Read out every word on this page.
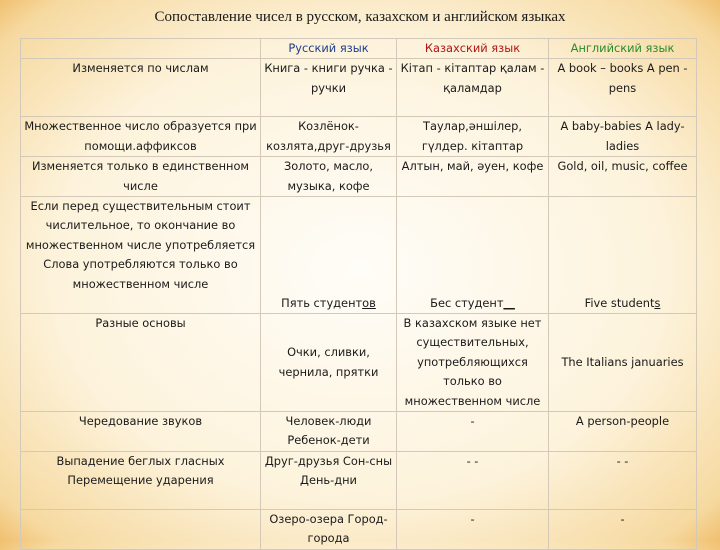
Сопоставление чисел в русском, казахском и английском языках
	Русский язык	Казахский язык	Английский язык
Изменяется по числам	Книга - книги ручка - ручки	Кітап - кітаптар қалам - қаламдар	A book – books A pen - pens
Множественное число образуется при помощи.аффиксов	Козлёнок-козлята,друг-друзья	Таулар,әншілер, гүлдер. кітаптар	A baby-babies A lady-ladies
Изменяется только в единственном числе	Золото, масло, музыка, кофе	Алтын, май, әуен, кофе	Gold, oil, music, coffee
Если перед существительным стоит числительное, то окончание во множественном числе употребляется Слова употребляются только во множественном числе	Пять студентов	Бес студент__	Five students
Разные основы	Очки, сливки, чернила, прятки	В казахском языке нет существительных, употребляющихся только во множественном числе	The Italians januaries
Чередование звуков	Человек-люди Ребенок-дети	-	A person-people
Выпадение беглых гласных Перемещение ударения	Друг-друзья Сон-сны День-дни	- -	- -
	Озеро-озера Город-города	-	-
